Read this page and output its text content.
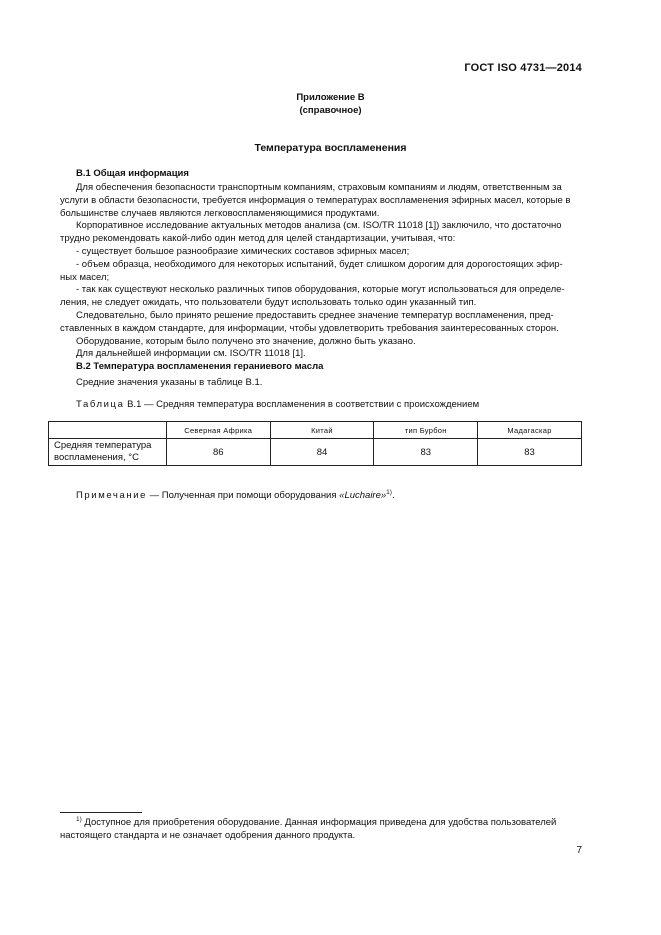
ГОСТ ISO 4731—2014
Приложение В
(справочное)
Температура воспламенения
В.1 Общая информация
Для обеспечения безопасности транспортным компаниям, страховым компаниям и людям, ответственным за
услуги в области безопасности, требуется информация о температурах воспламенения эфирных масел, которые в
большинстве случаев являются легковоспламеняющимися продуктами.
Корпоративное исследование актуальных методов анализа (см. ISO/TR 11018 [1]) заключило, что достаточно
трудно рекомендовать какой-либо один метод для целей стандартизации, учитывая, что:
- существует большое разнообразие химических составов эфирных масел;
- объем образца, необходимого для некоторых испытаний, будет слишком дорогим для дорогостоящих эфир-
ных масел;
- так как существуют несколько различных типов оборудования, которые могут использоваться для определе-
ления, не следует ожидать, что пользователи будут использовать только один указанный тип.
Следовательно, было принято решение предоставить среднее значение температур воспламенения, пред-
ставленных в каждом стандарте, для информации, чтобы удовлетворить требования заинтересованных сторон.
Оборудование, которым было получено это значение, должно быть указано.
Для дальнейшей информации см. ISO/TR 11018 [1].
В.2 Температура воспламенения гераниевого масла
Средние значения указаны в таблице В.1.
Таблица В.1 — Средняя температура воспламенения в соответствии с происхождением
	Северная Африка	Китай	тип Бурбон	Мадагаскар

Средняя температура
воспламенения, °С	86	84	83	83
Примечание — Полученная при помощи оборудования «Luchaire»$^{1)}$.
$^{1)}$ Доступное для приобретения оборудование. Данная информация приведена для удобства пользователей
настоящего стандарта и не означает одобрения данного продукта.
7
